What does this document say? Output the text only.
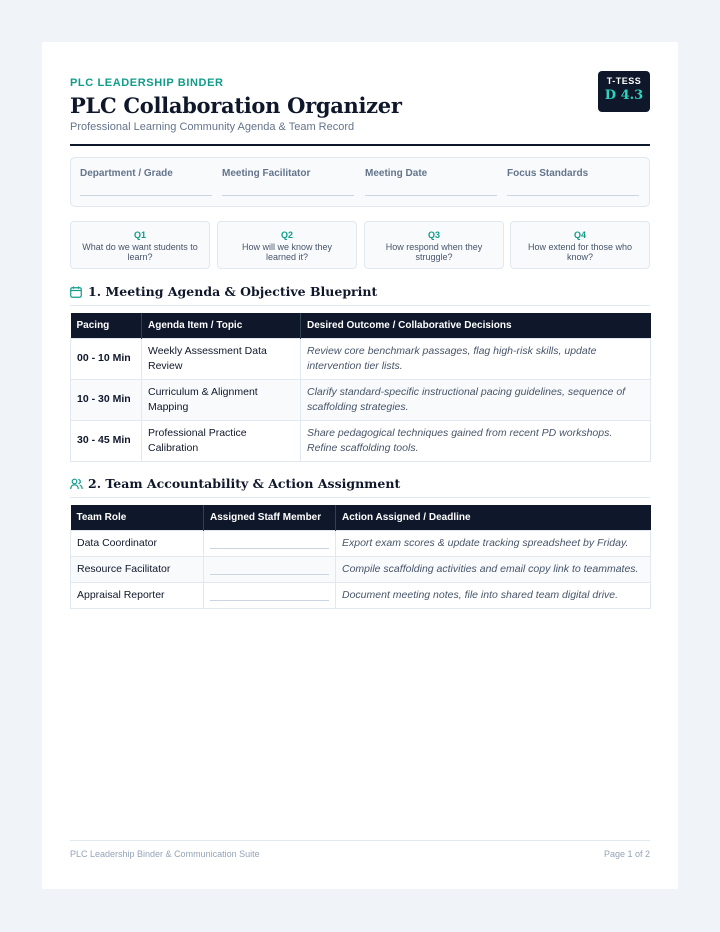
PLC LEADERSHIP BINDER
PLC Collaboration Organizer
Professional Learning Community Agenda & Team Record
T-TESS
D 4.3
Department / Grade	Meeting Facilitator	Meeting Date	Focus Standards
Q1
What do we want students to learn?
Q2
How will we know they learned it?
Q3
How respond when they struggle?
Q4
How extend for those who know?
1. Meeting Agenda & Objective Blueprint
Pacing	Agenda Item / Topic	Desired Outcome / Collaborative Decisions
00 - 10 Min	Weekly Assessment Data Review	Review core benchmark passages, flag high-risk skills, update intervention tier lists.
10 - 30 Min	Curriculum & Alignment Mapping	Clarify standard-specific instructional pacing guidelines, sequence of scaffolding strategies.
30 - 45 Min	Professional Practice Calibration	Share pedagogical techniques gained from recent PD workshops. Refine scaffolding tools.
2. Team Accountability & Action Assignment
Team Role	Assigned Staff Member	Action Assigned / Deadline
Data Coordinator		Export exam scores & update tracking spreadsheet by Friday.
Resource Facilitator		Compile scaffolding activities and email copy link to teammates.
Appraisal Reporter		Document meeting notes, file into shared team digital drive.
PLC Leadership Binder & Communication Suite	Page 1 of 2
